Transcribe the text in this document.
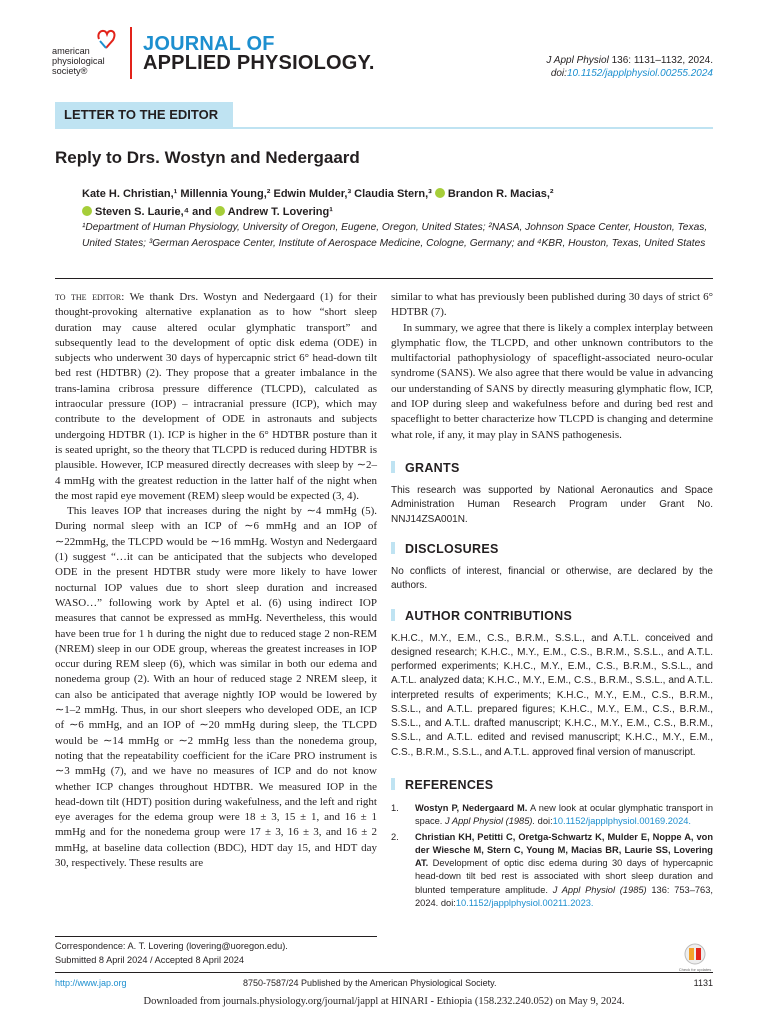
american physiological society®
JOURNAL OF
APPLIED PHYSIOLOGY.	J Appl Physiol 136: 1131–1132, 2024.
doi:10.1152/japplphysiol.00255.2024
LETTER TO THE EDITOR
Reply to Drs. Wostyn and Nedergaard
Kate H. Christian,¹ Millennia Young,² Edwin Mulder,³ Claudia Stern,³ Brandon R. Macias,²
Steven S. Laurie,⁴ and Andrew T. Lovering¹
¹Department of Human Physiology, University of Oregon, Eugene, Oregon, United States; ²NASA, Johnson Space Center, Houston, Texas, United States; ³German Aerospace Center, Institute of Aerospace Medicine, Cologne, Germany; and ⁴KBR, Houston, Texas, United States

to the editor: We thank Drs. Wostyn and Nedergaard (1) for their thought-provoking alternative explanation as to how “short sleep duration may cause altered ocular glymphatic transport” and subsequently lead to the development of optic disk edema (ODE) in subjects who underwent 30 days of hypercapnic strict 6° head-down tilt bed rest (HDTBR) (2). They propose that a greater imbalance in the trans-lamina cribrosa pressure difference (TLCPD), calculated as intraocular pressure (IOP) – intracranial pressure (ICP), which may contribute to the development of ODE in astronauts and subjects undergoing HDTBR (1). ICP is higher in the 6° HDTBR posture than it is seated upright, so the theory that TLCPD is reduced during HDTBR is plausible. However, ICP measured directly decreases with sleep by ∼2–4 mmHg with the greatest reduction in the latter half of the night when the most rapid eye movement (REM) sleep would be expected (3, 4).

This leaves IOP that increases during the night by ∼4 mmHg (5). During normal sleep with an ICP of ∼6 mmHg and an IOP of ∼22mmHg, the TLCPD would be ∼16 mmHg. Wostyn and Nedergaard (1) suggest “…it can be anticipated that the subjects who developed ODE in the present HDTBR study were more likely to have lower nocturnal IOP values due to short sleep duration and increased WASO…” following work by Aptel et al. (6) using indirect IOP measures that cannot be expressed as mmHg. Nevertheless, this would have been true for 1 h during the night due to reduced stage 2 non-REM (NREM) sleep in our ODE group, whereas the greatest increases in IOP occur during REM sleep (6), which was similar in both our edema and nonedema group (2). With an hour of reduced stage 2 NREM sleep, it can also be anticipated that average nightly IOP would be lowered by ∼1–2 mmHg. Thus, in our short sleepers who developed ODE, an ICP of ∼6 mmHg, and an IOP of ∼20 mmHg during sleep, the TLCPD would be ∼14 mmHg or ∼2 mmHg less than the nonedema group, noting that the repeatability coefficient for the iCare PRO instrument is ∼3 mmHg (7), and we have no measures of ICP and do not know whether ICP changes throughout HDTBR. We measured IOP in the head-down tilt (HDT) position during wakefulness, and the left and right eye averages for the edema group were 18 ± 3, 15 ± 1, and 16 ± 1 mmHg and for the nonedema group were 17 ± 3, 16 ± 3, and 16 ± 2 mmHg, at baseline data collection (BDC), HDT day 15, and HDT day 30, respectively. These results are

similar to what has previously been published during 30 days of strict 6° HDTBR (7).

In summary, we agree that there is likely a complex interplay between glymphatic flow, the TLCPD, and other unknown contributors to the multifactorial pathophysiology of spaceflight-associated neuro-ocular syndrome (SANS). We also agree that there would be value in advancing our understanding of SANS by directly measuring glymphatic flow, ICP, and IOP during sleep and wakefulness before and during bed rest and spaceflight to better characterize how TLCPD is changing and determine what role, if any, it may play in SANS pathogenesis.

GRANTS

This research was supported by National Aeronautics and Space Administration Human Research Program under Grant No. NNJ14ZSA001N.

DISCLOSURES

No conflicts of interest, financial or otherwise, are declared by the authors.

AUTHOR CONTRIBUTIONS

K.H.C., M.Y., E.M., C.S., B.R.M., S.S.L., and A.T.L. conceived and designed research; K.H.C., M.Y., E.M., C.S., B.R.M., S.S.L., and A.T.L. performed experiments; K.H.C., M.Y., E.M., C.S., B.R.M., S.S.L., and A.T.L. analyzed data; K.H.C., M.Y., E.M., C.S., B.R.M., S.S.L., and A.T.L. interpreted results of experiments; K.H.C., M.Y., E.M., C.S., B.R.M., S.S.L., and A.T.L. prepared figures; K.H.C., M.Y., E.M., C.S., B.R.M., S.S.L., and A.T.L. drafted manuscript; K.H.C., M.Y., E.M., C.S., B.R.M., S.S.L., and A.T.L. edited and revised manuscript; K.H.C., M.Y., E.M., C.S., B.R.M., S.S.L., and A.T.L. approved final version of manuscript.

REFERENCES
1. Wostyn P, Nedergaard M. A new look at ocular glymphatic transport in space. J Appl Physiol (1985). doi:10.1152/japplphysiol.00169.2024.
2. Christian KH, Petitti C, Oretga-Schwartz K, Mulder E, Noppe A, von der Wiesche M, Stern C, Young M, Macias BR, Laurie SS, Lovering AT. Development of optic disc edema during 30 days of hypercapnic head-down tilt bed rest is associated with short sleep duration and blunted temperature amplitude. J Appl Physiol (1985) 136: 753–763, 2024. doi:10.1152/japplphysiol.00211.2023.
Correspondence: A. T. Lovering (lovering@uoregon.edu).
Submitted 8 April 2024 / Accepted 8 April 2024
Check for updates
http://www.jap.org	8750-7587/24 Published by the American Physiological Society.	1131
Downloaded from journals.physiology.org/journal/jappl at HINARI - Ethiopia (158.232.240.052) on May 9, 2024.
